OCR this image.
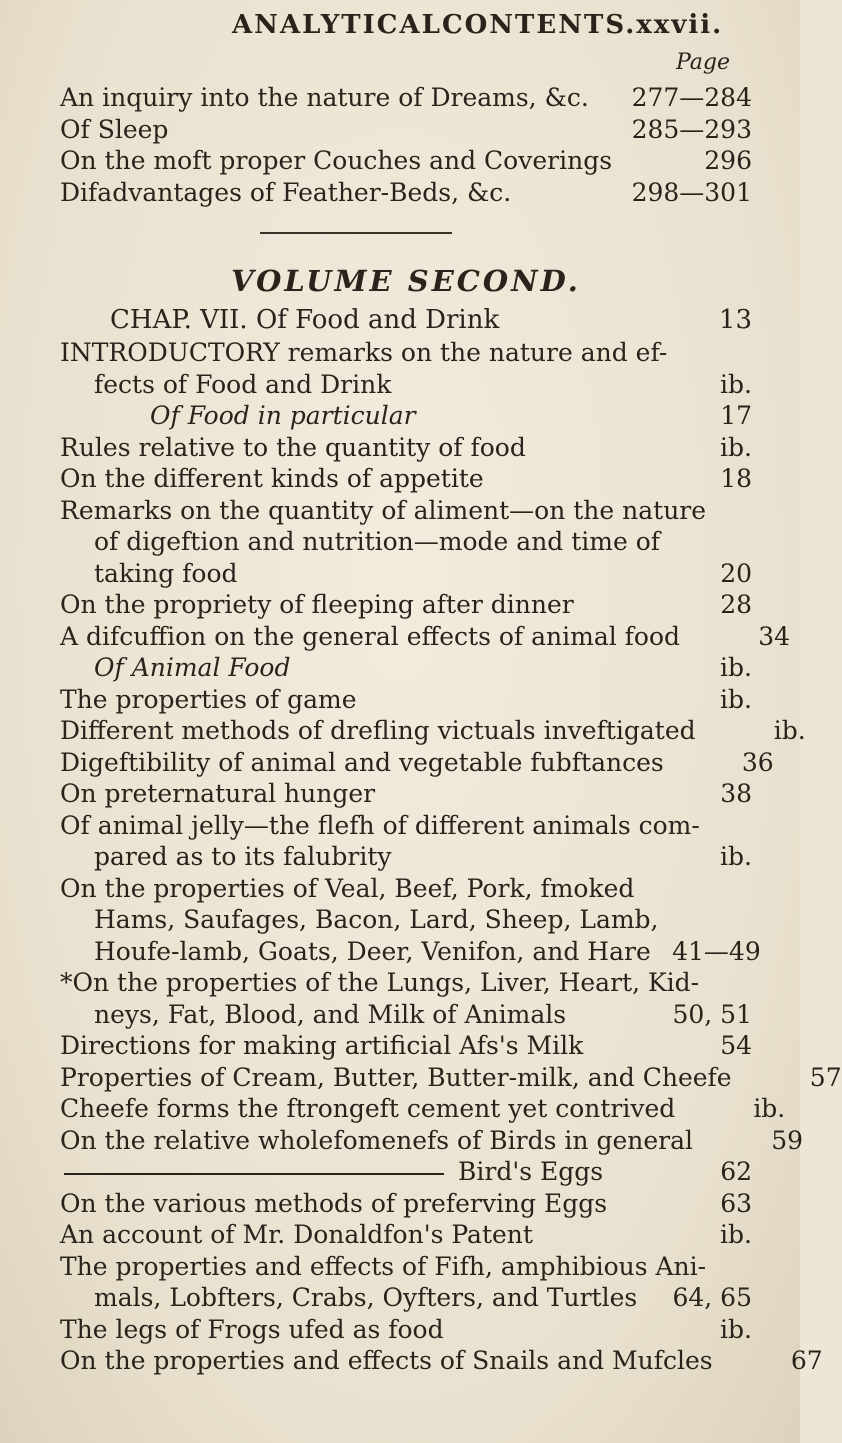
ANALYTICAL CONTENTS. xxvii.
Page
An inquiry into the nature of Dreams, &c. 277—284
Of Sleep	285—293
On the moft proper Couches and Coverings	296
Difadvantages of Feather-Beds, &c.	298—301
VOLUME SECOND.
CHAP. VII. Of Food and Drink	13
INTRODUCTORY remarks on the nature and ef-
fects of Food and Drink	ib.
Of Food in particular	17
Rules relative to the quantity of food	ib.
On the different kinds of appetite	18
Remarks on the quantity of aliment—on the nature
of digeftion and nutrition—mode and time of
taking food	20
On the propriety of fleeping after dinner	28
A difcuffion on the general effects of animal food	34
Of Animal Food	ib.
The properties of game	ib.
Different methods of drefling victuals inveftigated	ib.
Digeftibility of animal and vegetable fubftances	36
On preternatural hunger	38
Of animal jelly—the flefh of different animals com-
pared as to its falubrity	ib.
On the properties of Veal, Beef, Pork, fmoked
Hams, Saufages, Bacon, Lard, Sheep, Lamb,
Houfe-lamb, Goats, Deer, Venifon, and Hare 41—49
*On the properties of the Lungs, Liver, Heart, Kid-
neys, Fat, Blood, and Milk of Animals	50, 51
Directions for making artificial Afs's Milk	54
Properties of Cream, Butter, Butter-milk, and Cheefe	57
Cheefe forms the ftrongeft cement yet contrived	ib.
On the relative wholefomenefs of Birds in general	59
Bird's Eggs	62
On the various methods of preferving Eggs	63
An account of Mr. Donaldfon's Patent	ib.
The properties and effects of Fifh, amphibious Ani-
mals, Lobfters, Crabs, Oyfters, and Turtles	64, 65
The legs of Frogs ufed as food	ib.
On the properties and effects of Snails and Mufcles	67
